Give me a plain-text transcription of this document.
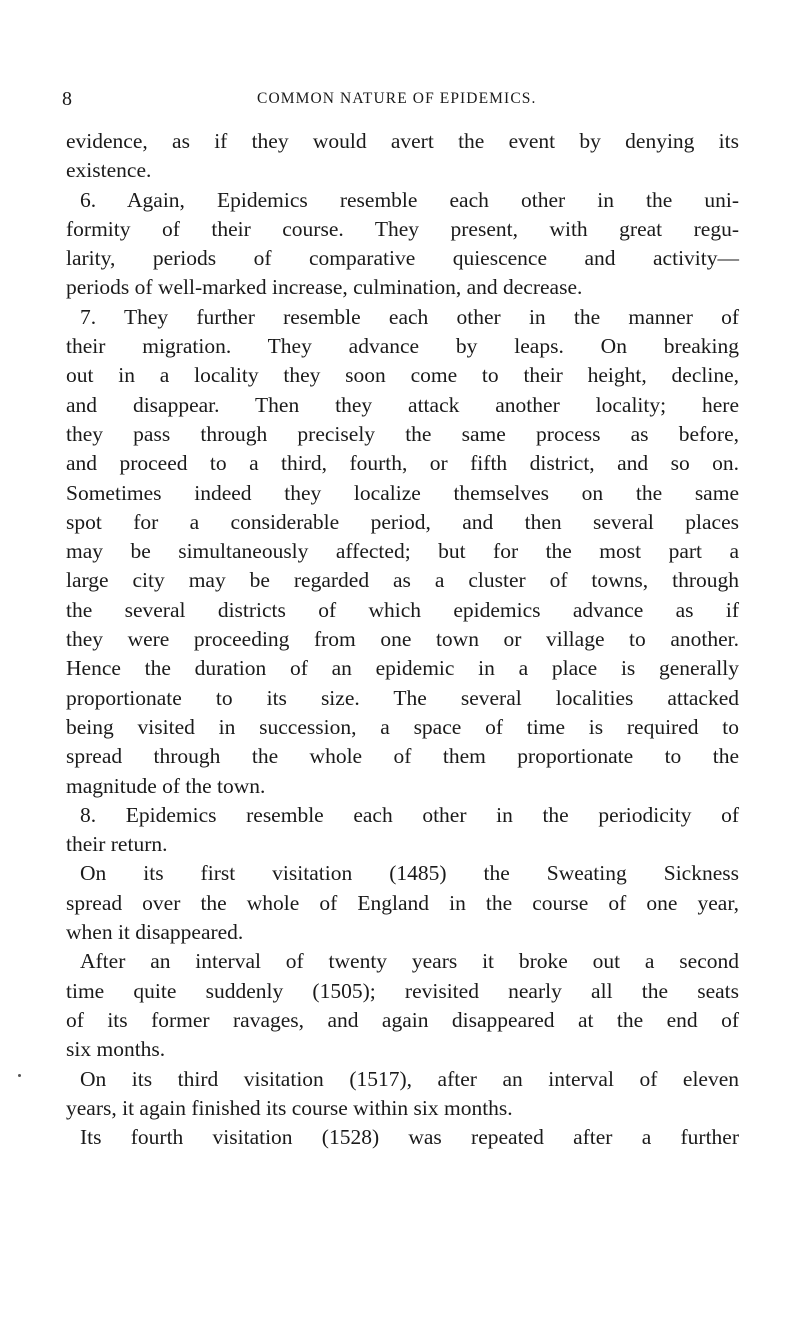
8	COMMON NATURE OF EPIDEMICS.
evidence, as if they would avert the event by denying its
existence.
6. Again, Epidemics resemble each other in the uni-
formity of their course. They present, with great regu-
larity, periods of comparative quiescence and activity—
periods of well-marked increase, culmination, and decrease.
7. They further resemble each other in the manner of
their migration. They advance by leaps. On breaking
out in a locality they soon come to their height, decline,
and disappear. Then they attack another locality; here
they pass through precisely the same process as before,
and proceed to a third, fourth, or fifth district, and so on.
Sometimes indeed they localize themselves on the same
spot for a considerable period, and then several places
may be simultaneously affected; but for the most part a
large city may be regarded as a cluster of towns, through
the several districts of which epidemics advance as if
they were proceeding from one town or village to another.
Hence the duration of an epidemic in a place is generally
proportionate to its size. The several localities attacked
being visited in succession, a space of time is required to
spread through the whole of them proportionate to the
magnitude of the town.
8. Epidemics resemble each other in the periodicity of
their return.
On its first visitation (1485) the Sweating Sickness
spread over the whole of England in the course of one year,
when it disappeared.
After an interval of twenty years it broke out a second
time quite suddenly (1505); revisited nearly all the seats
of its former ravages, and again disappeared at the end of
six months.
On its third visitation (1517), after an interval of eleven
years, it again finished its course within six months.
Its fourth visitation (1528) was repeated after a further
